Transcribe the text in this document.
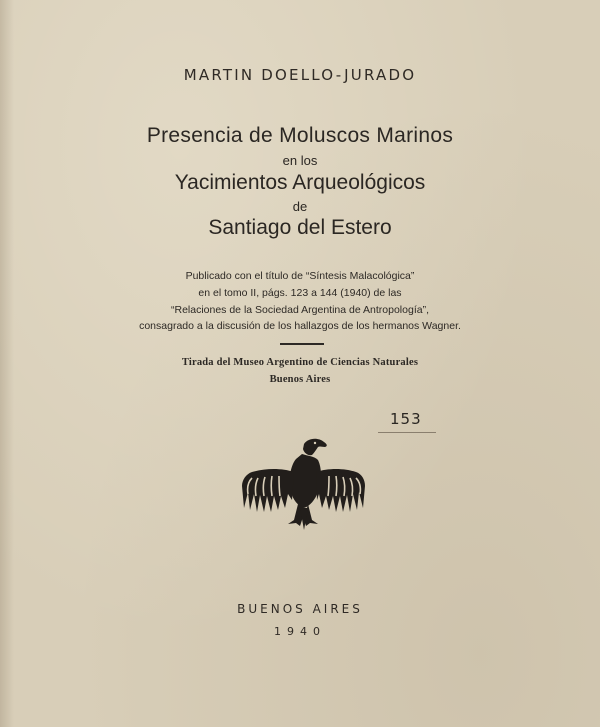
MARTIN DOELLO-JURADO
Presencia de Moluscos Marinos
en los
Yacimientos Arqueológicos
de
Santiago del Estero
Publicado con el título de “Síntesis Malacológica”
en el tomo II, págs. 123 a 144 (1940) de las
“Relaciones de la Sociedad Argentina de Antropología”,
consagrado a la discusión de los hallazgos de los hermanos Wagner.
Tirada del Museo Argentino de Ciencias Naturales
Buenos Aires
153
BUENOS AIRES
1940
